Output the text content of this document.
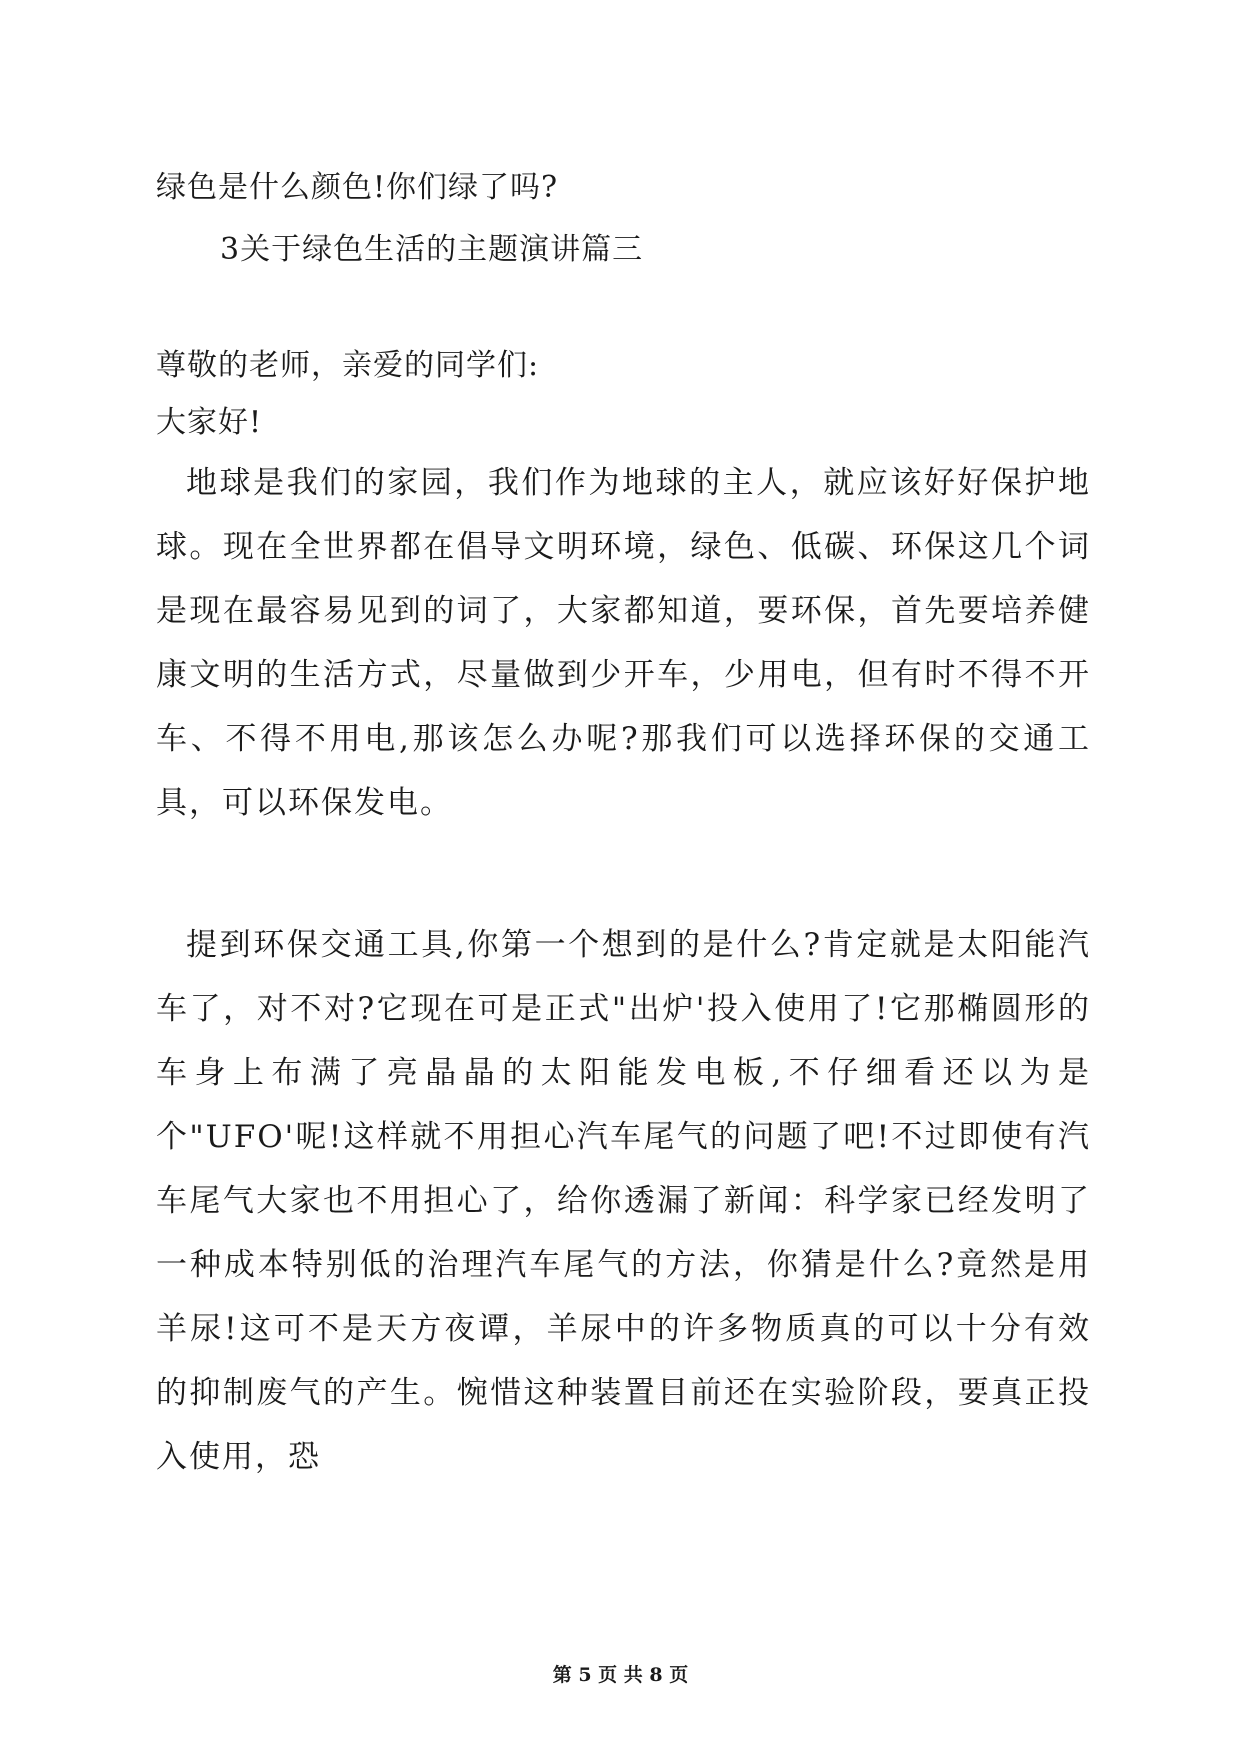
绿色是什么颜色!你们绿了吗?
3关于绿色生活的主题演讲篇三
尊敬的老师，亲爱的同学们:
大家好!

地球是我们的家园，我们作为地球的主人，就应该好好保护地球。现在全世界都在倡导文明环境，绿色、低碳、环保这几个词是现在最容易见到的词了，大家都知道，要环保，首先要培养健康文明的生活方式，尽量做到少开车，少用电，但有时不得不开车、不得不用电,那该怎么办呢?那我们可以选择环保的交通工具，可以环保发电。

提到环保交通工具,你第一个想到的是什么?肯定就是太阳能汽车了，对不对?它现在可是正式"出炉'投入使用了!它那椭圆形的车身上布满了亮晶晶的太阳能发电板,不仔细看还以为是个"UFO'呢!这样就不用担心汽车尾气的问题了吧!不过即使有汽车尾气大家也不用担心了，给你透漏了新闻：科学家已经发明了一种成本特别低的治理汽车尾气的方法，你猜是什么?竟然是用羊尿!这可不是天方夜谭，羊尿中的许多物质真的可以十分有效的抑制废气的产生。惋惜这种装置目前还在实验阶段，要真正投入使用，恐

第 5 页 共 8 页
